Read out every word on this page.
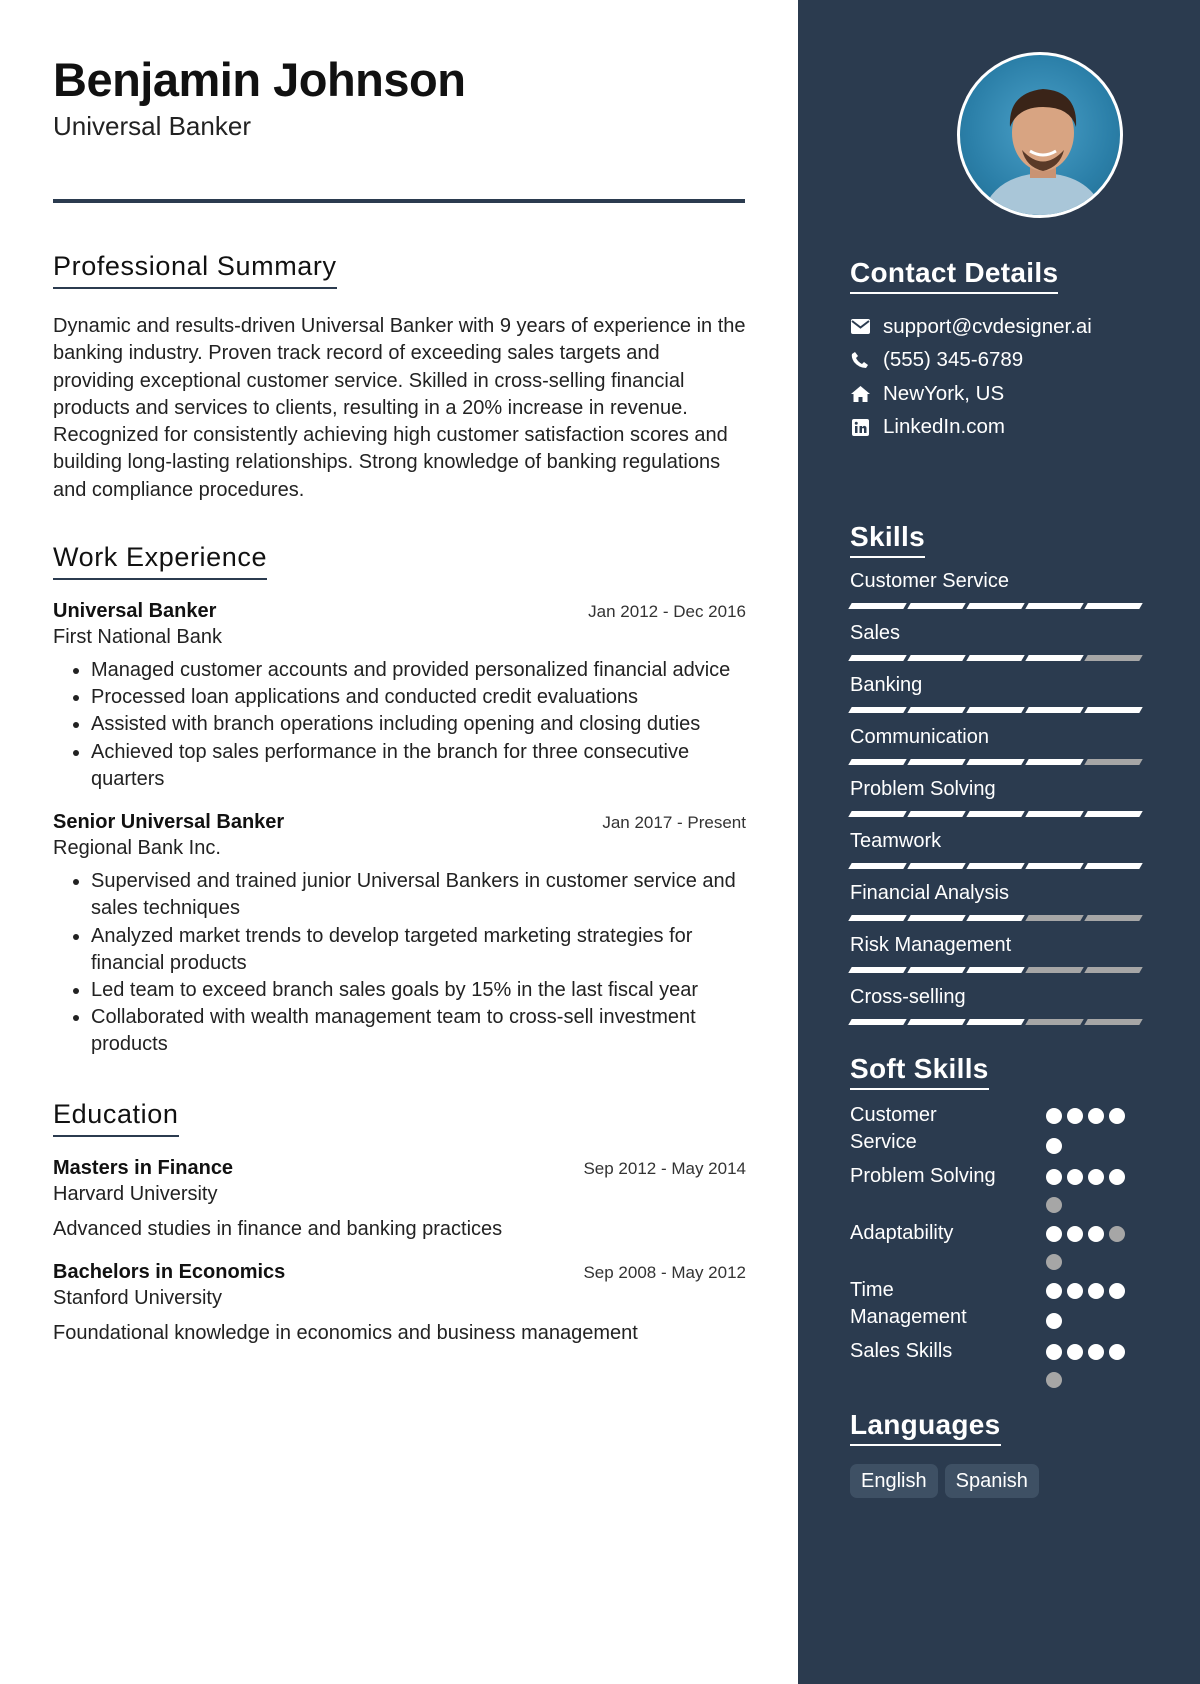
Benjamin Johnson
Universal Banker
Professional Summary

Dynamic and results-driven Universal Banker with 9 years of experience in the banking industry. Proven track record of exceeding sales targets and providing exceptional customer service. Skilled in cross-selling financial products and services to clients, resulting in a 20% increase in revenue. Recognized for consistently achieving high customer satisfaction scores and building long-lasting relationships. Strong knowledge of banking regulations and compliance procedures.

Work Experience
Universal Banker	Jan 2012 - Dec 2016
First National Bank
• Managed customer accounts and provided personalized financial advice
• Processed loan applications and conducted credit evaluations
• Assisted with branch operations including opening and closing duties
• Achieved top sales performance in the branch for three consecutive quarters
Senior Universal Banker	Jan 2017 - Present
Regional Bank Inc.
• Supervised and trained junior Universal Bankers in customer service and sales techniques
• Analyzed market trends to develop targeted marketing strategies for financial products
• Led team to exceed branch sales goals by 15% in the last fiscal year
• Collaborated with wealth management team to cross-sell investment products
Education
Masters in Finance	Sep 2012 - May 2014
Harvard University
Advanced studies in finance and banking practices
Bachelors in Economics	Sep 2008 - May 2012
Stanford University
Foundational knowledge in economics and business management
Contact Details
support@cvdesigner.ai
(555) 345-6789
NewYork, US
LinkedIn.com
Skills
Customer Service
Sales
Banking
Communication
Problem Solving
Teamwork
Financial Analysis
Risk Management
Cross-selling
Soft Skills
Customer Service
Problem Solving
Adaptability
Time Management
Sales Skills
Languages
English	Spanish
